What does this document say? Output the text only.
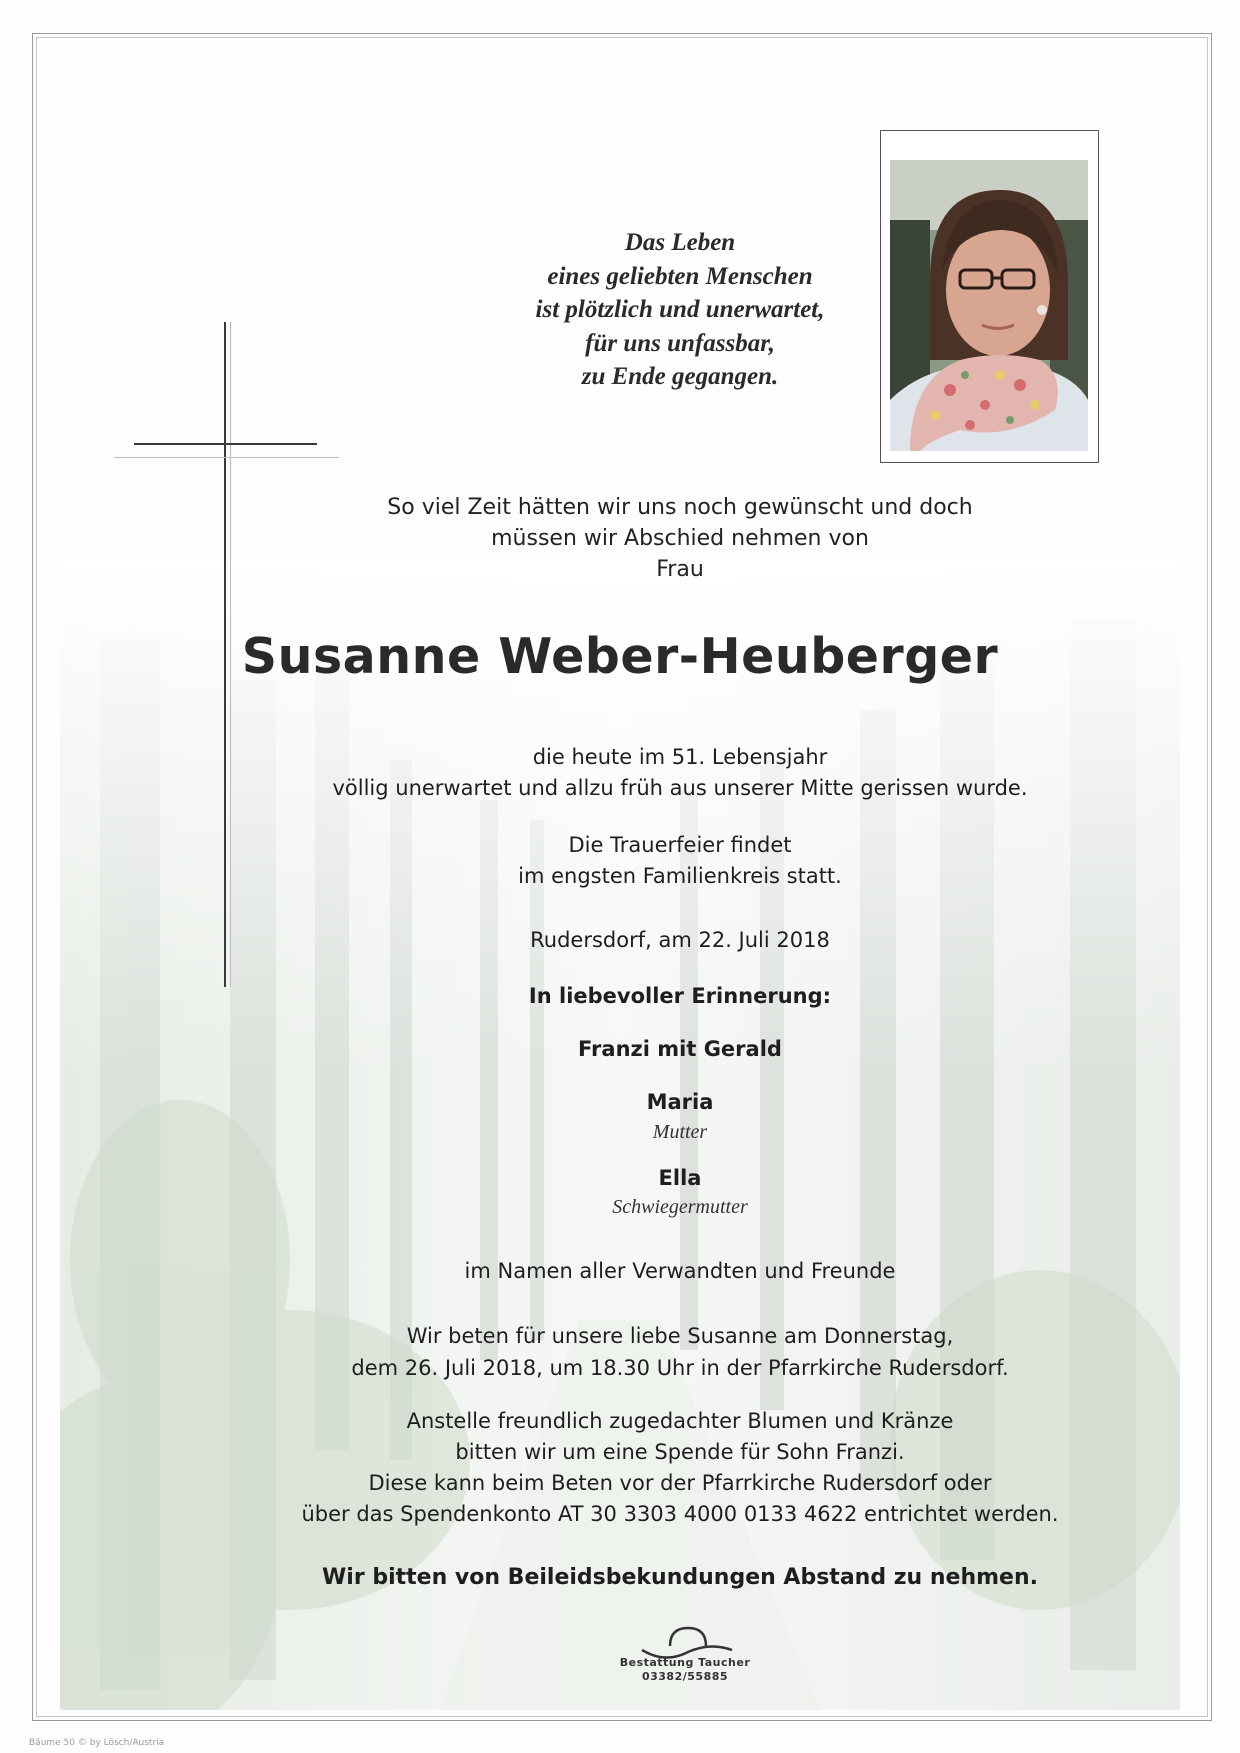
Das Leben
eines geliebten Menschen
ist plötzlich und unerwartet,
für uns unfassbar,
zu Ende gegangen.
So viel Zeit hätten wir uns noch gewünscht und doch
müssen wir Abschied nehmen von
Frau
Susanne Weber-Heuberger
die heute im 51. Lebensjahr
völlig unerwartet und allzu früh aus unserer Mitte gerissen wurde.
Die Trauerfeier findet
im engsten Familienkreis statt.
Rudersdorf, am 22. Juli 2018
In liebevoller Erinnerung:
Franzi mit Gerald
Maria
Mutter
Ella
Schwiegermutter
im Namen aller Verwandten und Freunde
Wir beten für unsere liebe Susanne am Donnerstag,
dem 26. Juli 2018, um 18.30 Uhr in der Pfarrkirche Rudersdorf.
Anstelle freundlich zugedachter Blumen und Kränze
bitten wir um eine Spende für Sohn Franzi.
Diese kann beim Beten vor der Pfarrkirche Rudersdorf oder
über das Spendenkonto AT 30 3303 4000 0133 4622 entrichtet werden.
Wir bitten von Beileidsbekundungen Abstand zu nehmen.
Bestattung Taucher
03382/55885
Bäume 50 © by Lösch/Austria
